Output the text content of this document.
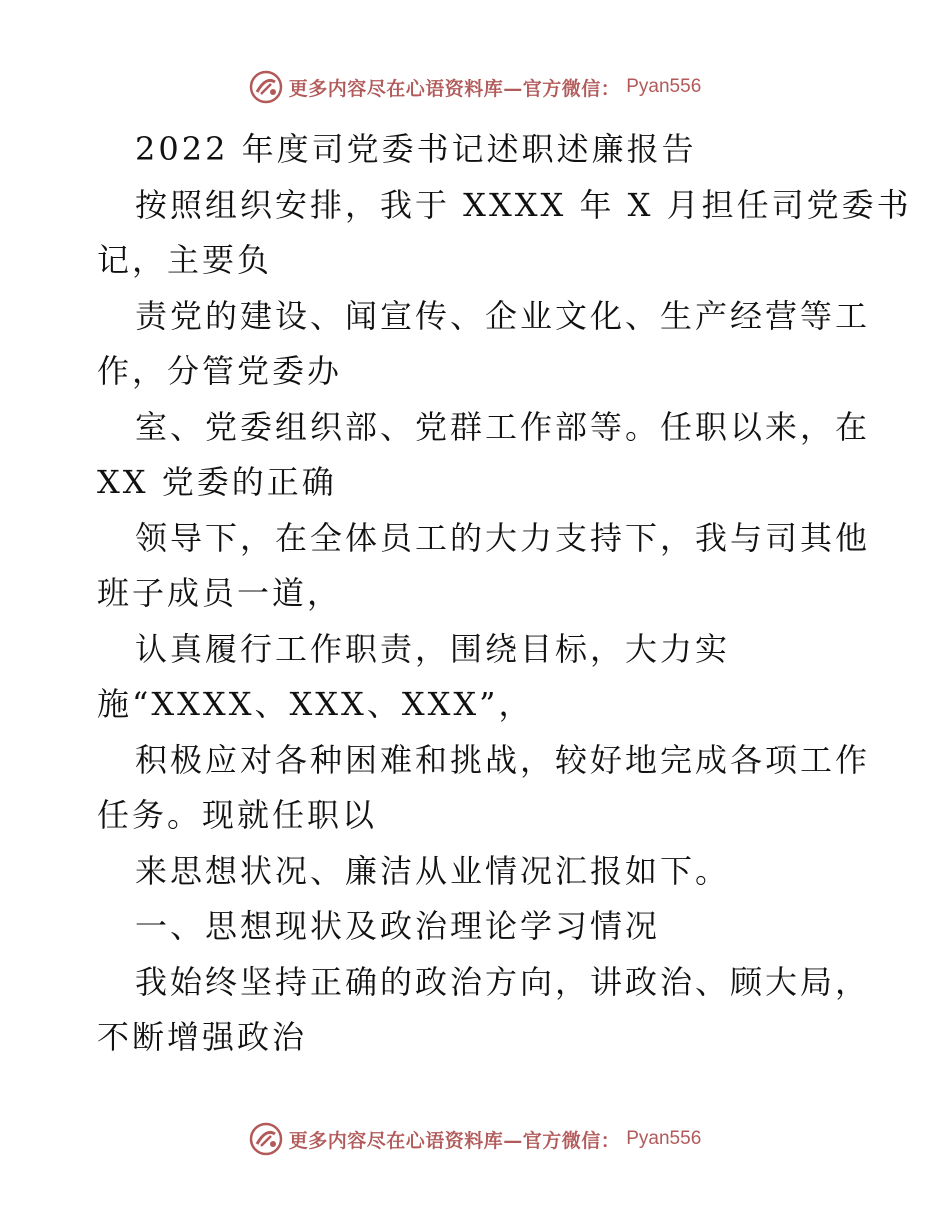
更多内容尽在心语资料库—官方微信： Pyan556
2022 年度司党委书记述职述廉报告
按照组织安排，我于 XXXX 年 X 月担任司党委书
记，主要负
责党的建设、闻宣传、企业文化、生产经营等工
作，分管党委办
室、党委组织部、党群工作部等。任职以来，在
XX 党委的正确
领导下，在全体员工的大力支持下，我与司其他
班子成员一道，
认真履行工作职责，围绕目标，大力实
施“XXXX、XXX、XXX”，
积极应对各种困难和挑战，较好地完成各项工作
任务。现就任职以
来思想状况、廉洁从业情况汇报如下。
一、思想现状及政治理论学习情况
我始终坚持正确的政治方向，讲政治、顾大局，
不断增强政治
更多内容尽在心语资料库—官方微信： Pyan556
